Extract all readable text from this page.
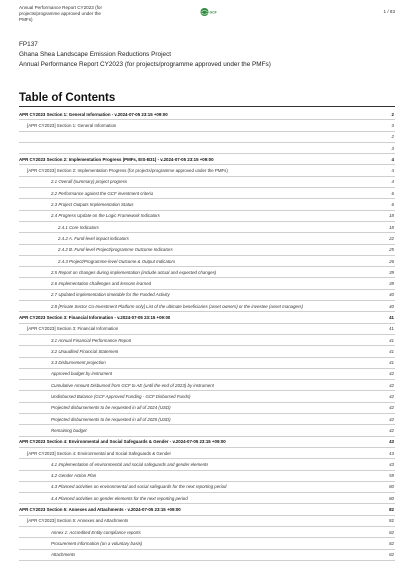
Annual Performance Report CY2023 (for projects/programme approved under the PMFs)
GCF	1 / 83
FP137
Ghana Shea Landscape Emission Reductions Project
Annual Performance Report CY2023 (for projects/programme approved under the PMFs)
Table of Contents
APR CY2023 Section 1: General Information - v.2024-07-05 23:15 +09:00	2
[APR CY2023] Section 1: General Information	3
2
3
APR CY2023 Section 2: Implementation Progress (PMFs, EIS-B31) - v.2024-07-05 23:15 +09:00	4
[APR CY2023] Section 2: Implementation Progress (for projects/programme approved under the PMFs)	4
2.1 Overall (summary) project progress	4
2.2 Performance against the GCF investment criteria	6
2.3 Project Outputs Implementation Status	6
2.4 Progress Update on the Logic Framework Indicators	18
2.4.1 Core Indicators	18
2.4.2 A. Fund-level impact indicators	22
2.4.2 B. Fund-level Project/programme Outcome Indicators	25
2.4.3 Project/Programme-level Outcome & Output Indicators	26
2.5 Report on changes during implementation (include actual and expected changes)	39
2.6 Implementation challenges and lessons learned	39
2.7 Updated implementation timetable for the Funded Activity	40
2.8 [Private Sector Co-Investment Platform only] List of the ultimate beneficiaries (asset owners) or the investee (asset managers)	40
APR CY2023 Section 3: Financial Information - v.2024-07-05 23:15 +09:00	41
[APR CY2023] Section 3: Financial Information	41
3.1 Annual Financial Performance Report	41
3.2 Unaudited Financial Statement	41
3.3 Disbursement projection	41
Approved budget by instrument	42
Cumulative Amount Disbursed from GCF to AE (until the end of 2023) by instrument	42
Undisbursed Balance (GCF Approved Funding - GCF Disbursed Funds)	42
Projected disbursements to be requested in all of 2024 (USD)	42
Projected disbursements to be requested in all of 2025 (USD)	42
Remaining budget	42
APR CY2023 Section 4: Environmental and Social Safeguards & Gender - v.2024-07-05 23:15 +09:00	43
[APR CY2023] Section 4: Environmental and Social Safeguards & Gender	43
4.1 Implementation of environmental and social safeguards and gender elements	43
4.2 Gender Action Plan	59
4.3 Planned activities on environmental and social safeguards for the next reporting period	80
4.4 Planned activities on gender elements for the next reporting period	80
APR CY2023 Section 5: Annexes and Attachments - v.2024-07-05 23:15 +09:00	82
[APR CY2023] Section 5: Annexes and Attachments	82
Annex 1: Accredited Entity compliance reports	82
Procurement information (on a voluntary basis)	82
Attachments	82
